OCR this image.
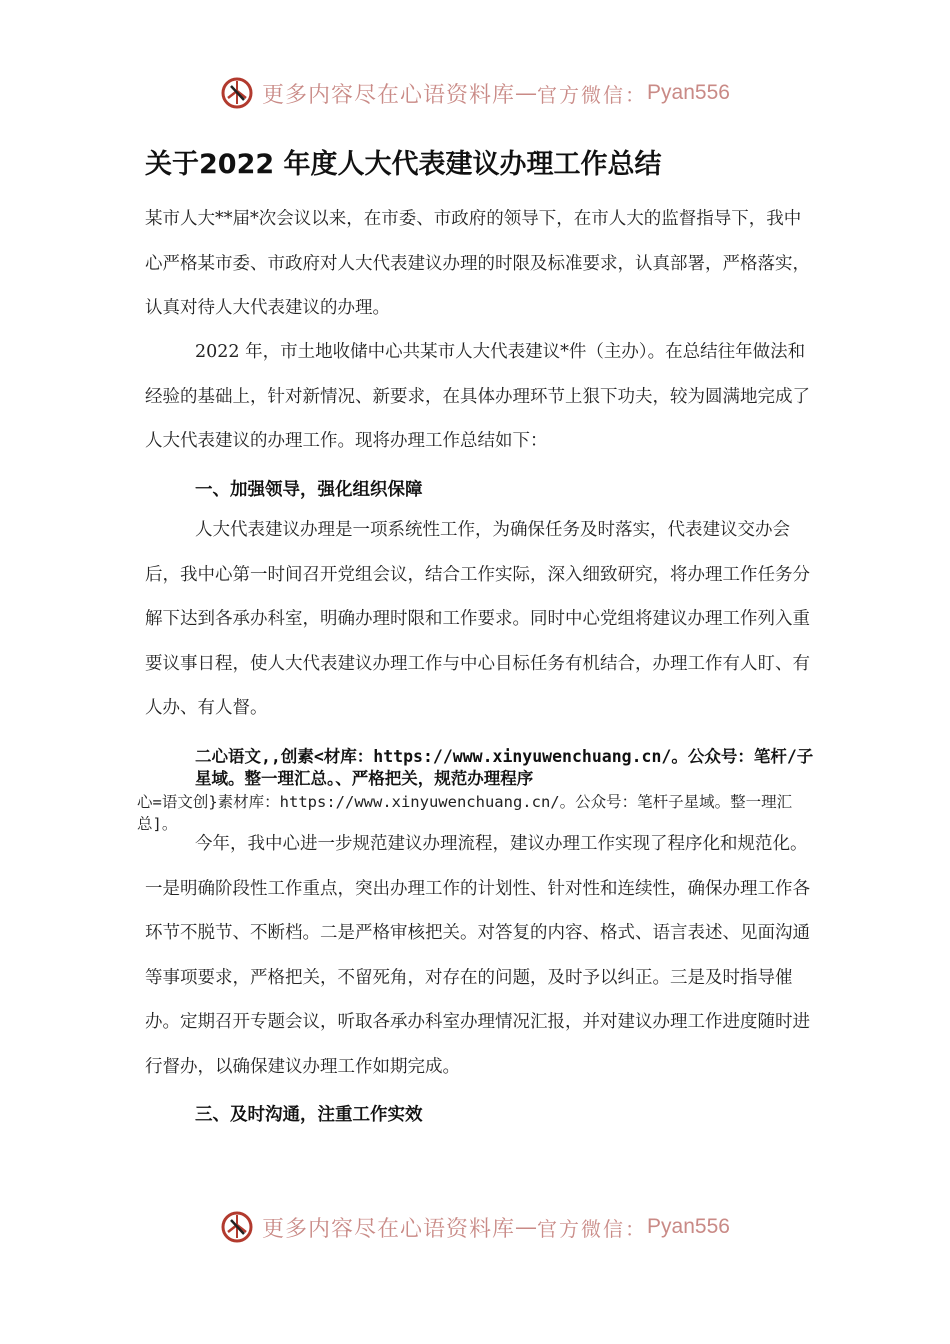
更多内容尽在心语资料库 — 官方微信： Pyan556
关于2022 年度人大代表建议办理工作总结

某市人大**届*次会议以来，在市委、市政府的领导下，在市人大的监督指导下，我中心严格某市委、市政府对人大代表建议办理的时限及标准要求，认真部署，严格落实，认真对待人大代表建议的办理。

2022 年，市土地收储中心共某市人大代表建议*件（主办）。在总结往年做法和经验的基础上，针对新情况、新要求，在具体办理环节上狠下功夫，较为圆满地完成了人大代表建议的办理工作。现将办理工作总结如下：

一、加强领导，强化组织保障

人大代表建议办理是一项系统性工作，为确保任务及时落实，代表建议交办会后，我中心第一时间召开党组会议，结合工作实际，深入细致研究，将办理工作任务分解下达到各承办科室，明确办理时限和工作要求。同时中心党组将建议办理工作列入重要议事日程，使人大代表建议办理工作与中心目标任务有机结合，办理工作有人盯、有人办、有人督。

二心语文,,创素<材库：https://www.xinyuwenchuang.cn/。公众号：笔杆/子星域。整一理汇总。、严格把关，规范办理程序

心=语文创}素材库：https://www.xinyuwenchuang.cn/。公众号：笔杆子星域。整一理汇总]。

今年，我中心进一步规范建议办理流程，建议办理工作实现了程序化和规范化。一是明确阶段性工作重点，突出办理工作的计划性、针对性和连续性，确保办理工作各环节不脱节、不断档。二是严格审核把关。对答复的内容、格式、语言表述、见面沟通等事项要求，严格把关，不留死角，对存在的问题，及时予以纠正。三是及时指导催办。定期召开专题会议，听取各承办科室办理情况汇报，并对建议办理工作进度随时进行督办，以确保建议办理工作如期完成。

三、及时沟通，注重工作实效
更多内容尽在心语资料库 — 官方微信： Pyan556
